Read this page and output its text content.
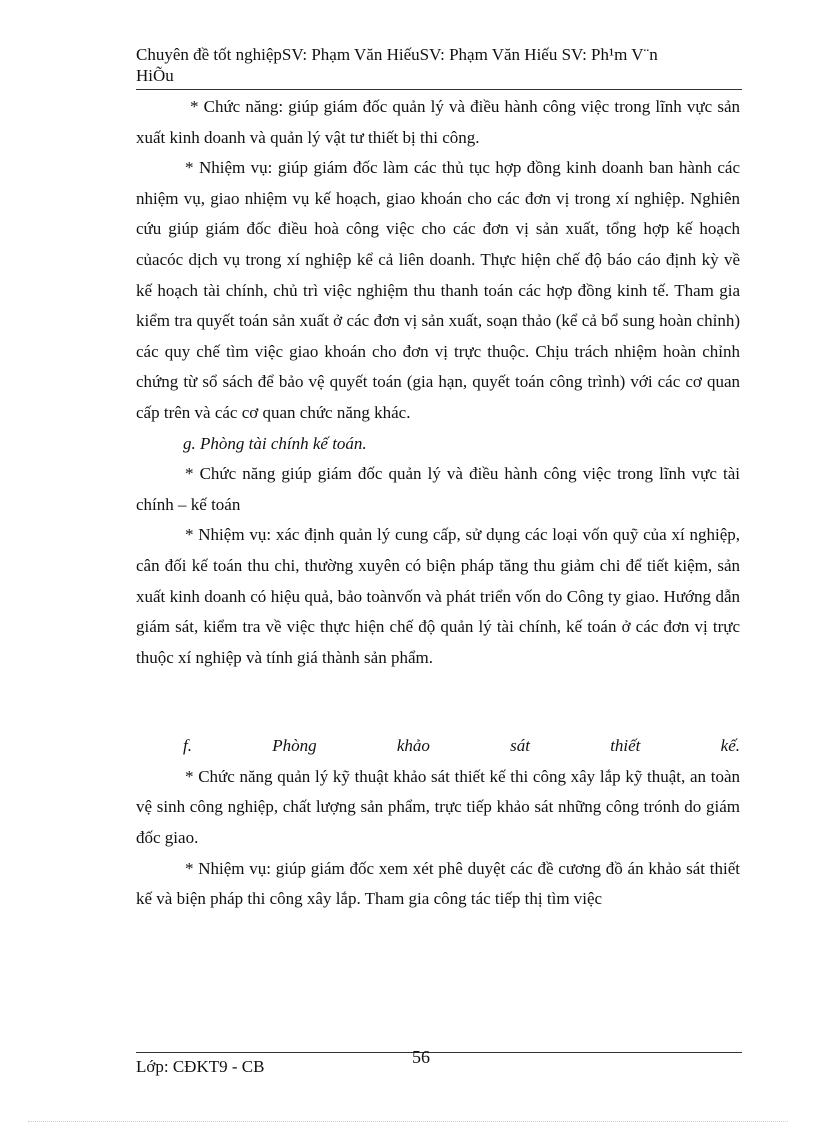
Chuyên đề tốt nghiệpSV: Phạm Văn HiếuSV: Phạm Văn Hiếu SV: Ph¹m V¨n
HiÕu

* Chức năng: giúp giám đốc quản lý và điều hành công việc trong lĩnh vực sản xuất kinh doanh và quản lý vật tư thiết bị thi công.

* Nhiệm vụ: giúp giám đốc làm các thủ tục hợp đồng kinh doanh ban hành các nhiệm vụ, giao nhiệm vụ kế hoạch, giao khoán cho các đơn vị trong xí nghiệp. Nghiên cứu giúp giám đốc điều hoà công việc cho các đơn vị sản xuất, tổng hợp kế hoạch củacóc dịch vụ trong xí nghiệp kể cả liên doanh. Thực hiện chế độ báo cáo định kỳ về kế hoạch tài chính, chủ trì việc nghiệm thu thanh toán các hợp đồng kinh tế. Tham gia kiểm tra quyết toán sản xuất ở các đơn vị sản xuất, soạn thảo (kể cả bổ sung hoàn chỉnh) các quy chế tìm việc giao khoán cho đơn vị trực thuộc. Chịu trách nhiệm hoàn chỉnh chứng từ sổ sách để bảo vệ quyết toán (gia hạn, quyết toán công trình) với các cơ quan cấp trên và các cơ quan chức năng khác.

g. Phòng tài chính kế toán.

* Chức năng giúp giám đốc quản lý và điều hành công việc trong lĩnh vực tài chính – kế toán

* Nhiệm vụ: xác định quản lý cung cấp, sử dụng các loại vốn quỹ của xí nghiệp, cân đối kế toán thu chi, thường xuyên có biện pháp tăng thu giảm chi để tiết kiệm, sản xuất kinh doanh có hiệu quả, bảo toànvốn và phát triển vốn do Công ty giao. Hướng dẫn giám sát, kiểm tra về việc thực hiện chế độ quản lý tài chính, kế toán ở các đơn vị trực thuộc xí nghiệp và tính giá thành sản phẩm.

f. Phòng khảo sát thiết kế.

* Chức năng quản lý kỹ thuật khảo sát thiết kế thi công xây lắp kỹ thuật, an toàn vệ sinh công nghiệp, chất lượng sản phẩm, trực tiếp khảo sát những công trónh do giám đốc giao.

* Nhiệm vụ: giúp giám đốc xem xét phê duyệt các đề cương đồ án khảo sát thiết kế và biện pháp thi công xây lắp. Tham gia công tác tiếp thị tìm việc

56
Lớp: CĐKT9 - CB
